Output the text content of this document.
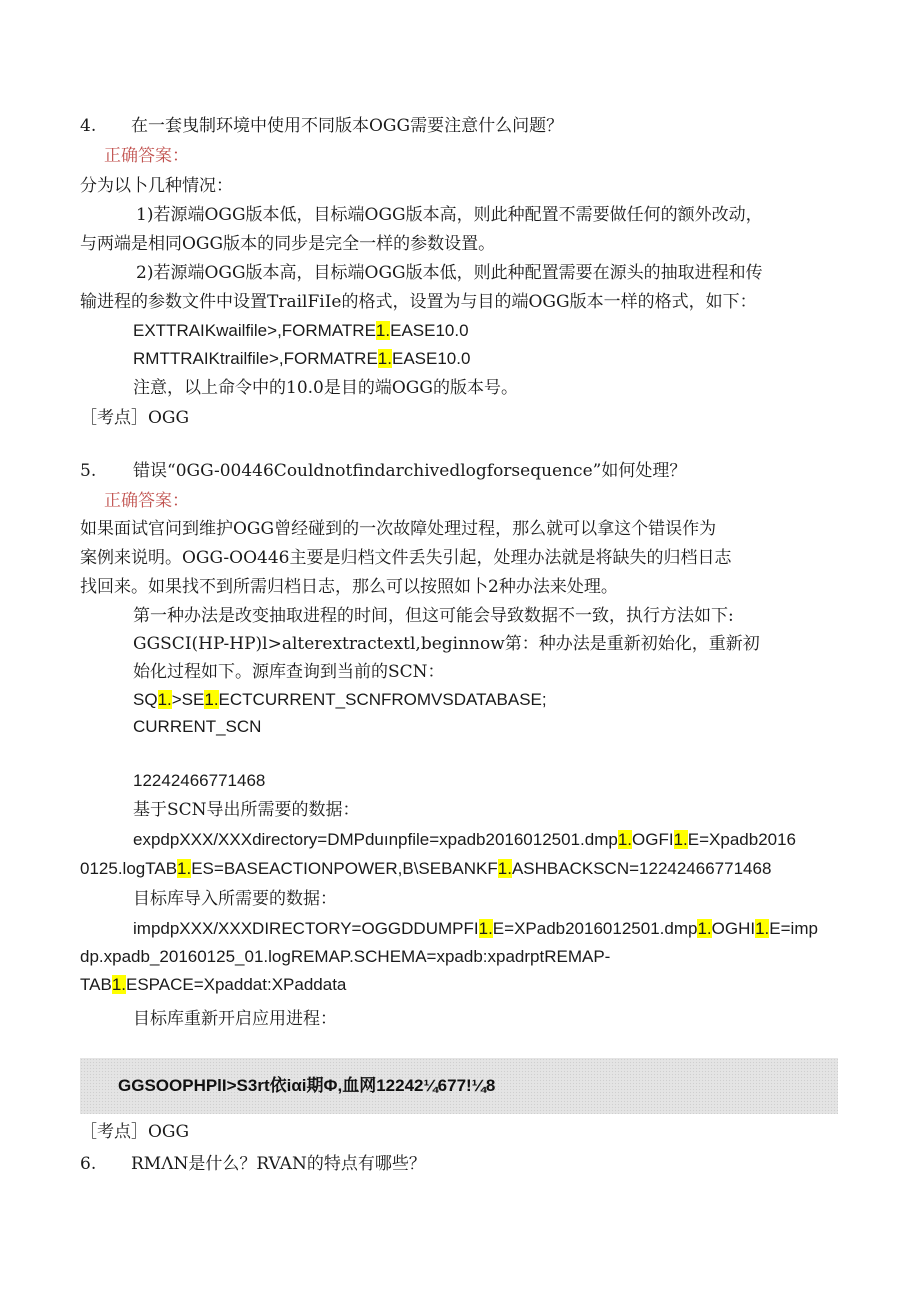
4. 在一套曳制环境中使用不同版本OGG需要注意什么问题？
正确答案：
分为以卜几种情况：
1)若源端OGG版本低，目标端OGG版本高，则此种配置不需要做任何的额外改动，
与两端是相同OGG版本的同步是完全一样的参数设置。
2)若源端OGG版本高，目标端OGG版本低，则此种配置需要在源头的抽取进程和传
输进程的参数文件中设置TrailFiIe的格式，设置为与目的端OGG版本一样的格式，如下：
EXTTRAIKwailfile>,FORMATRE1.EASE10.0
RMTTRAIKtrailfile>,FORMATRE1.EASE10.0
注意，以上命令中的10.0是目的端OGG的版本号。
［考点］OGG
5. 错误“0GG-00446Couldnotfindarchivedlogforsequence”如何处理？
正确答案：
如果面试官问到维护OGG曾经碰到的一次故障处理过程，那么就可以拿这个错误作为
案例来说明。OGG-OO446主要是归档文件丢失引起，处理办法就是将缺失的归档日志
找回来。如果找不到所需归档日志，那么可以按照如卜2种办法来处理。
第一种办法是改变抽取进程的时间，但这可能会导致数据不一致，执行方法如下:
GGSCI(HP-HP)l>alterextractextl,beginnow第：种办法是重新初始化，重新初
始化过程如下。源库查询到当前的SCN：
SQ1.>SE1.ECTCURRENT_SCNFROMVSDATABASE;
CURRENT_SCN
12242466771468
基于SCN导出所需要的数据：
expdpXXX/XXXdirectory=DMPduınpfile=xpadb2016012501.dmp1.OGFI1.E=Xpadb2016
0125.logTAB1.ES=BASEACTIONPOWER,B\SEBANKF1.ASHBACKSCN=12242466771468
目标库导入所需要的数据：
impdpXXX/XXXDIRECTORY=OGGDDUMPFI1.E=XPadb2016012501.dmp1.OGHI1.E=imp
dp.xpadb_20160125_01.logREMAP.SCHEMA=xpadb:xpadrptREMAP-
TAB1.ESPACE=Xpaddat:XPaddata
目标库重新开启应用进程：
GGSOOPHPlI>S3rt依iαi期Φ,血网12242¼677!¼8
［考点］OGG
6. RMΛN是什么？RVAN的特点有哪些？
